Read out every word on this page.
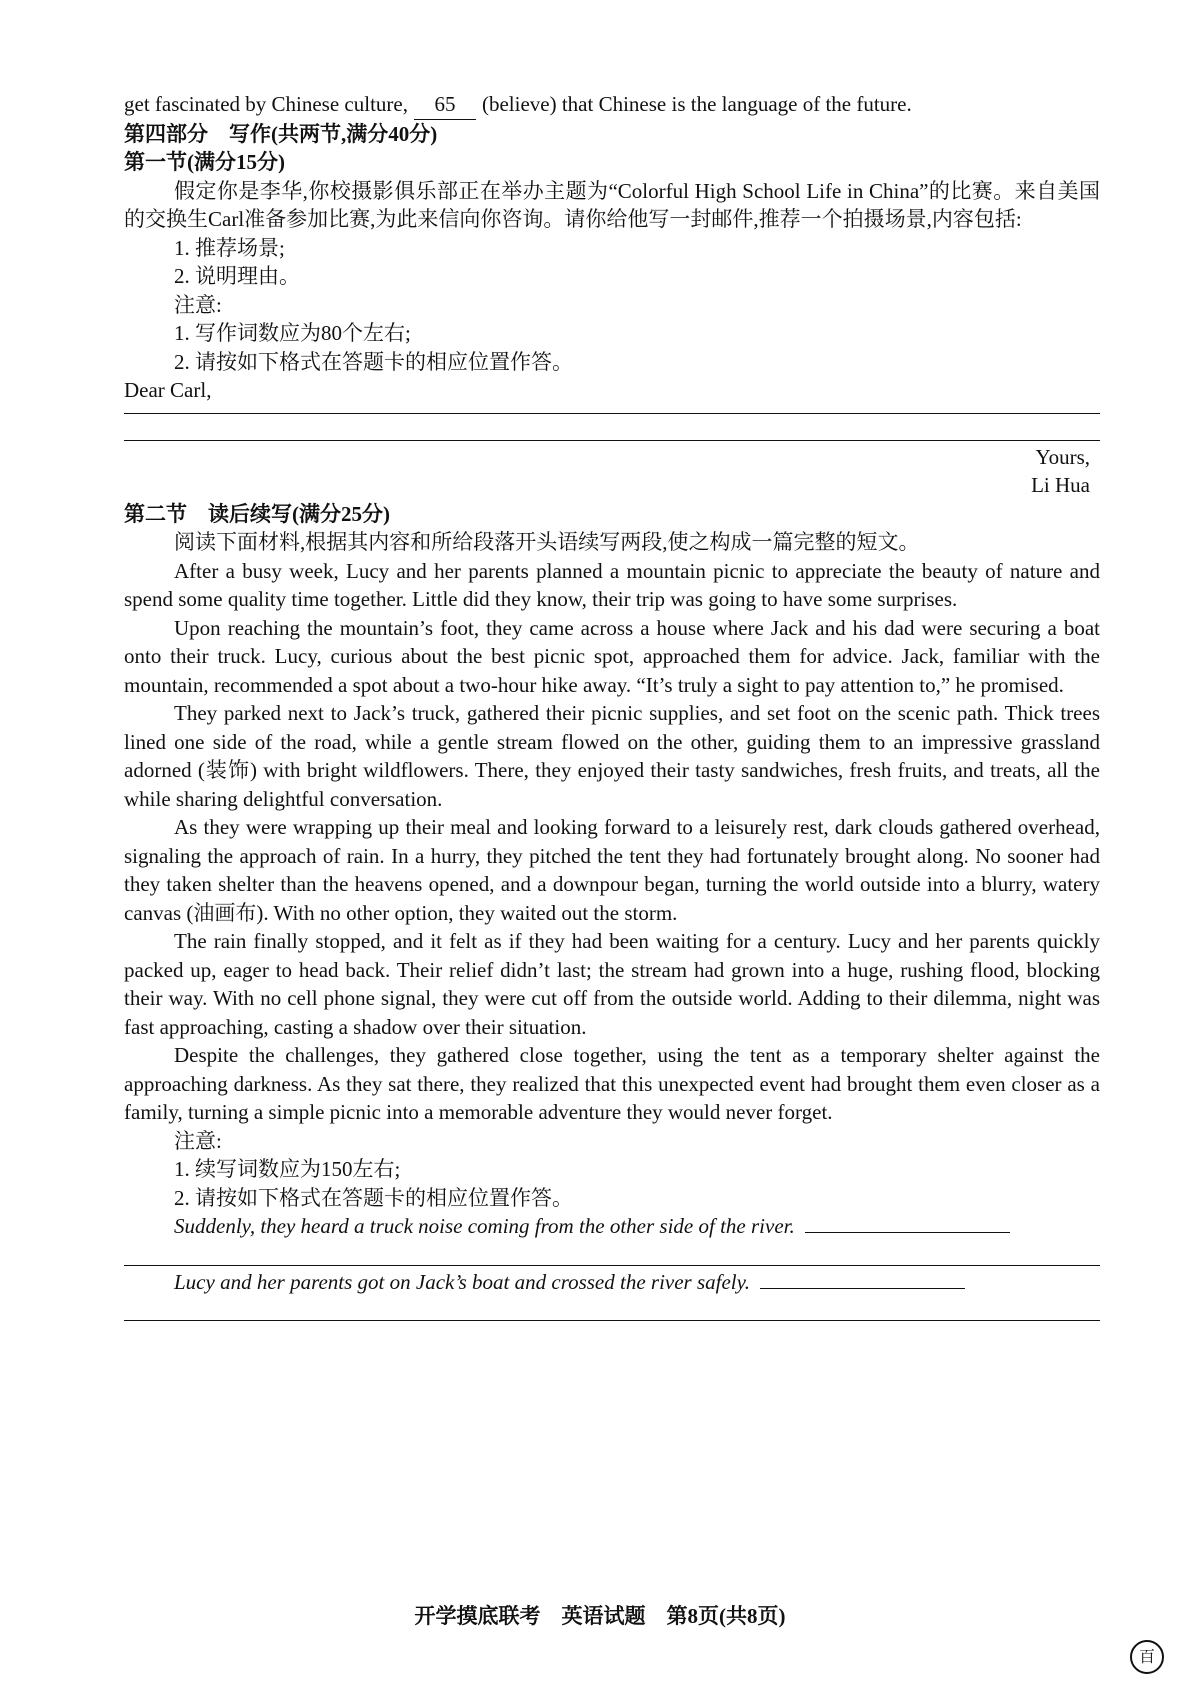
get fascinated by Chinese culture, 65 (believe) that Chinese is the language of the future.

第四部分　写作(共两节,满分40分)

第一节(满分15分)

假定你是李华,你校摄影俱乐部正在举办主题为“Colorful High School Life in China”的比赛。来自美国的交换生Carl准备参加比赛,为此来信向你咨询。请你给他写一封邮件,推荐一个拍摄场景,内容包括:

1. 推荐场景;

2. 说明理由。

注意:

1. 写作词数应为80个左右;

2. 请按如下格式在答题卡的相应位置作答。

Dear Carl,

Yours,

Li Hua

第二节　读后续写(满分25分)

阅读下面材料,根据其内容和所给段落开头语续写两段,使之构成一篇完整的短文。

After a busy week, Lucy and her parents planned a mountain picnic to appreciate the beauty of nature and spend some quality time together. Little did they know, their trip was going to have some surprises.

Upon reaching the mountain’s foot, they came across a house where Jack and his dad were securing a boat onto their truck. Lucy, curious about the best picnic spot, approached them for advice. Jack, familiar with the mountain, recommended a spot about a two-hour hike away. “It’s truly a sight to pay attention to,” he promised.

They parked next to Jack’s truck, gathered their picnic supplies, and set foot on the scenic path. Thick trees lined one side of the road, while a gentle stream flowed on the other, guiding them to an impressive grassland adorned (装饰) with bright wildflowers. There, they enjoyed their tasty sandwiches, fresh fruits, and treats, all the while sharing delightful conversation.

As they were wrapping up their meal and looking forward to a leisurely rest, dark clouds gathered overhead, signaling the approach of rain. In a hurry, they pitched the tent they had fortunately brought along. No sooner had they taken shelter than the heavens opened, and a downpour began, turning the world outside into a blurry, watery canvas (油画布). With no other option, they waited out the storm.

The rain finally stopped, and it felt as if they had been waiting for a century. Lucy and her parents quickly packed up, eager to head back. Their relief didn’t last; the stream had grown into a huge, rushing flood, blocking their way. With no cell phone signal, they were cut off from the outside world. Adding to their dilemma, night was fast approaching, casting a shadow over their situation.

Despite the challenges, they gathered close together, using the tent as a temporary shelter against the approaching darkness. As they sat there, they realized that this unexpected event had brought them even closer as a family, turning a simple picnic into a memorable adventure they would never forget.

注意:

1. 续写词数应为150左右;

2. 请按如下格式在答题卡的相应位置作答。

Suddenly, they heard a truck noise coming from the other side of the river.

Lucy and her parents got on Jack’s boat and crossed the river safely.

开学摸底联考　英语试题　第8页(共8页)
百
